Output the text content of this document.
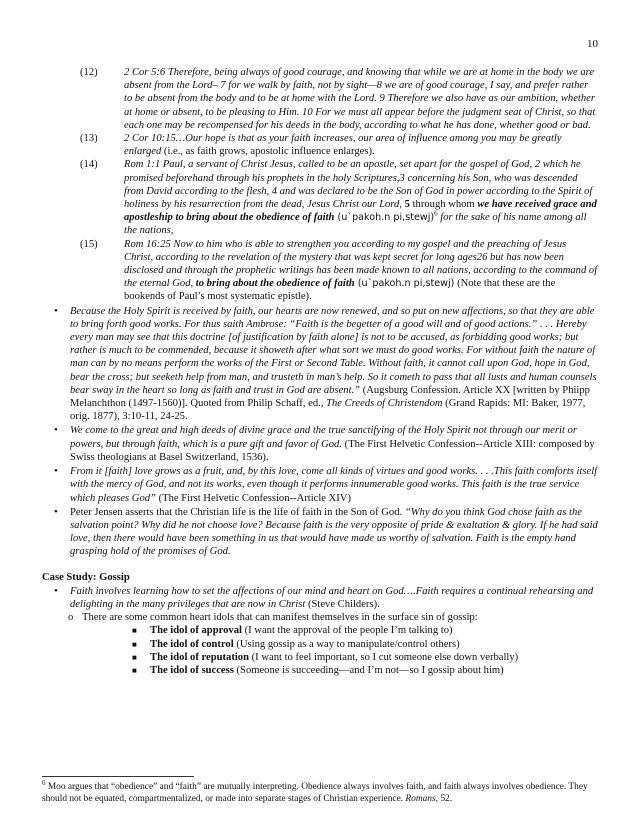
10
(12) 2 Cor 5:6 Therefore, being always of good courage, and knowing that while we are at home in the body we are absent from the Lord– 7 for we walk by faith, not by sight—8 we are of good courage, I say, and prefer rather to be absent from the body and to be at home with the Lord. 9 Therefore we also have as our ambition, whether at home or absent, to be pleasing to Him. 10 For we must all appear before the judgment seat of Christ, so that each one may be recompensed for his deeds in the body, according to what he has done, whether good or bad.
(13) 2 Cor 10:15…Our hope is that as your faith increases, our area of influence among you may be greatly enlarged (i.e., as faith grows, apostolic influence enlarges).
(14) Rom 1:1 Paul, a servant of Christ Jesus, called to be an apostle, set apart for the gospel of God, 2 which he promised beforehand through his prophets in the holy Scriptures,3 concerning his Son, who was descended from David according to the flesh, 4 and was declared to be the Son of God in power according to the Spirit of holiness by his resurrection from the dead, Jesus Christ our Lord, 5 through whom we have received grace and apostleship to bring about the obedience of faith (u`pakoh.n pi,stewj)$^6$ for the sake of his name among all the nations,
(15) Rom 16:25 Now to him who is able to strengthen you according to my gospel and the preaching of Jesus Christ, according to the revelation of the mystery that was kept secret for long ages26 but has now been disclosed and through the prophetic writings has been made known to all nations, according to the command of the eternal God, to bring about the obedience of faith (u`pakoh.n pi,stewj) (Note that these are the bookends of Paul’s most systematic epistle).
• Because the Holy Spirit is received by faith, our hearts are now renewed, and so put on new affections, so that they are able to bring forth good works. For thus saith Ambrose: “Faith is the begetter of a good will and of good actions.” . . . Hereby every man may see that this doctrine [of justification by faith alone] is not to be accused, as forbidding good works; but rather is much to be commended, because it showeth after what sort we must do good works. For without faith the nature of man can by no means perform the works of the First or Second Table. Without faith, it cannot call upon God, hope in God, bear the cross; but seeketh help from man, and trusteth in man’s help. So it cometh to pass that all lusts and human counsels bear sway in the heart so long as faith and trust in God are absent.” (Augsburg Confession. Article XX [written by Phiipp Melanchthon (1497-1560)]. Quoted from Philip Schaff, ed., The Creeds of Christendom (Grand Rapids: MI: Baker, 1977, orig. 1877), 3:10-11, 24-25.
• We come to the great and high deeds of divine grace and the true sanctifying of the Holy Spirit not through our merit or powers, but through faith, which is a pure gift and favor of God. (The First Helvetic Confession--Article XIII: composed by Swiss theologians at Basel Switzerland, 1536).
• From it [faith] love grows as a fruit, and, by this love, come all kinds of virtues and good works. . . .This faith comforts itself with the mercy of God, and not its works, even though it performs innumerable good works. This faith is the true service which pleases God” (The First Helvetic Confession--Article XIV)
• Peter Jensen asserts that the Christian life is the life of faith in the Son of God. “Why do you think God chose faith as the salvation point? Why did he not choose love? Because faith is the very opposite of pride & exaltation & glory. If he had said love, then there would have been something in us that would have made us worthy of salvation. Faith is the empty hand grasping hold of the promises of God.
Case Study: Gossip
• Faith involves learning how to set the affections of our mind and heart on God….Faith requires a continual rehearsing and delighting in the many privileges that are now in Christ (Steve Childers).
o There are some common heart idols that can manifest themselves in the surface sin of gossip:
■ The idol of approval (I want the approval of the people I’m talking to)
■ The idol of control (Using gossip as a way to manipulate/control others)
■ The idol of reputation (I want to feel important, so I cut someone else down verbally)
■ The idol of success (Someone is succeeding—and I’m not—so I gossip about him)
$^6$ Moo argues that “obedience” and “faith” are mutually interpreting. Obedience always involves faith, and faith always involves obedience. They should not be equated, compartmentalized, or made into separate stages of Christian experience. Romans, 52.
